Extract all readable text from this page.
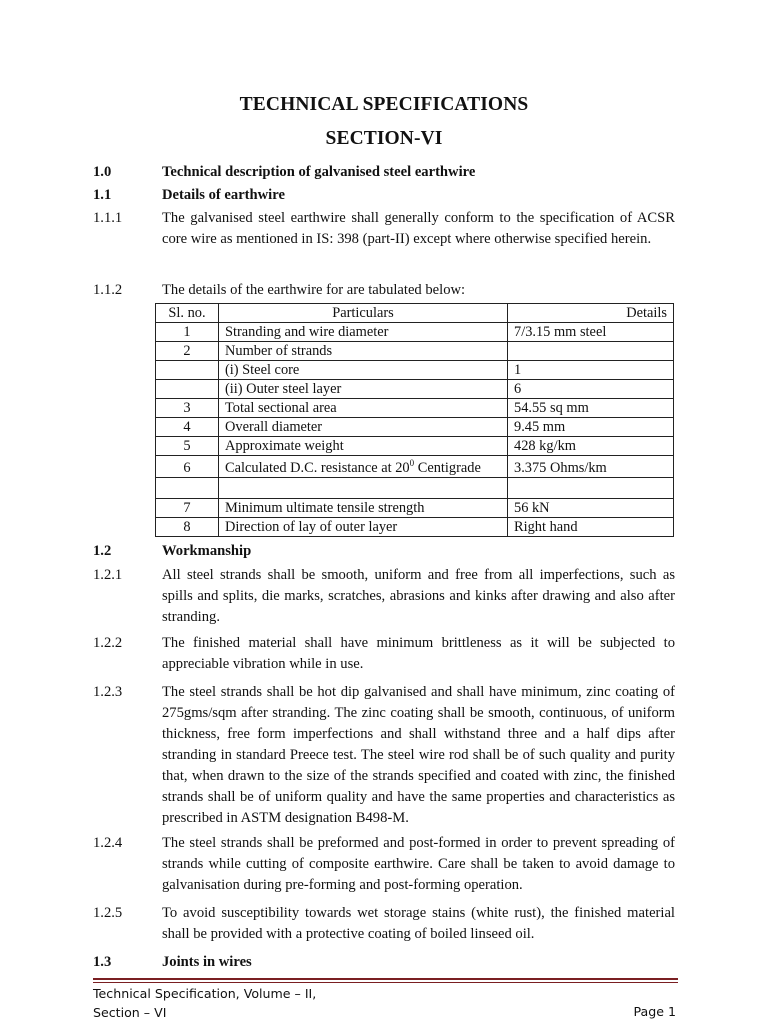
TECHNICAL SPECIFICATIONS
SECTION-VI
1.0	Technical description of galvanised steel earthwire
1.1	Details of earthwire
1.1.1	The galvanised steel earthwire shall generally conform to the specification of ACSR core wire as mentioned in IS: 398 (part-II) except where otherwise specified herein.
1.1.2	The details of the earthwire for are tabulated below:
Sl. no.	Particulars	Details
1	Stranding and wire diameter	7/3.15 mm steel
2	Number of strands	
	(i) Steel core	1
	(ii) Outer steel layer	6
3	Total sectional area	54.55 sq mm
4	Overall diameter	9.45 mm
5	Approximate weight	428 kg/km
6	Calculated D.C. resistance at $20^0$ Centigrade	3.375 Ohms/km

7	Minimum ultimate tensile strength	56 kN
8	Direction of lay of outer layer	Right hand
1.2	Workmanship
1.2.1	All steel strands shall be smooth, uniform and free from all imperfections, such as spills and splits, die marks, scratches, abrasions and kinks after drawing and also after stranding.
1.2.2	The finished material shall have minimum brittleness as it will be subjected to appreciable vibration while in use.
1.2.3	The steel strands shall be hot dip galvanised and shall have minimum, zinc coating of 275gms/sqm after stranding. The zinc coating shall be smooth, continuous, of uniform thickness, free form imperfections and shall withstand three and a half dips after stranding in standard Preece test. The steel wire rod shall be of such quality and purity that, when drawn to the size of the strands specified and coated with zinc, the finished strands shall be of uniform quality and have the same properties and characteristics as prescribed in ASTM designation B498-M.
1.2.4	The steel strands shall be preformed and post-formed in order to prevent spreading of strands while cutting of composite earthwire. Care shall be taken to avoid damage to galvanisation during pre-forming and post-forming operation.
1.2.5	To avoid susceptibility towards wet storage stains (white rust), the finished material shall be provided with a protective coating of boiled linseed oil.
1.3	Joints in wires
Technical Specification, Volume – II,
Section – VI	Page 1
